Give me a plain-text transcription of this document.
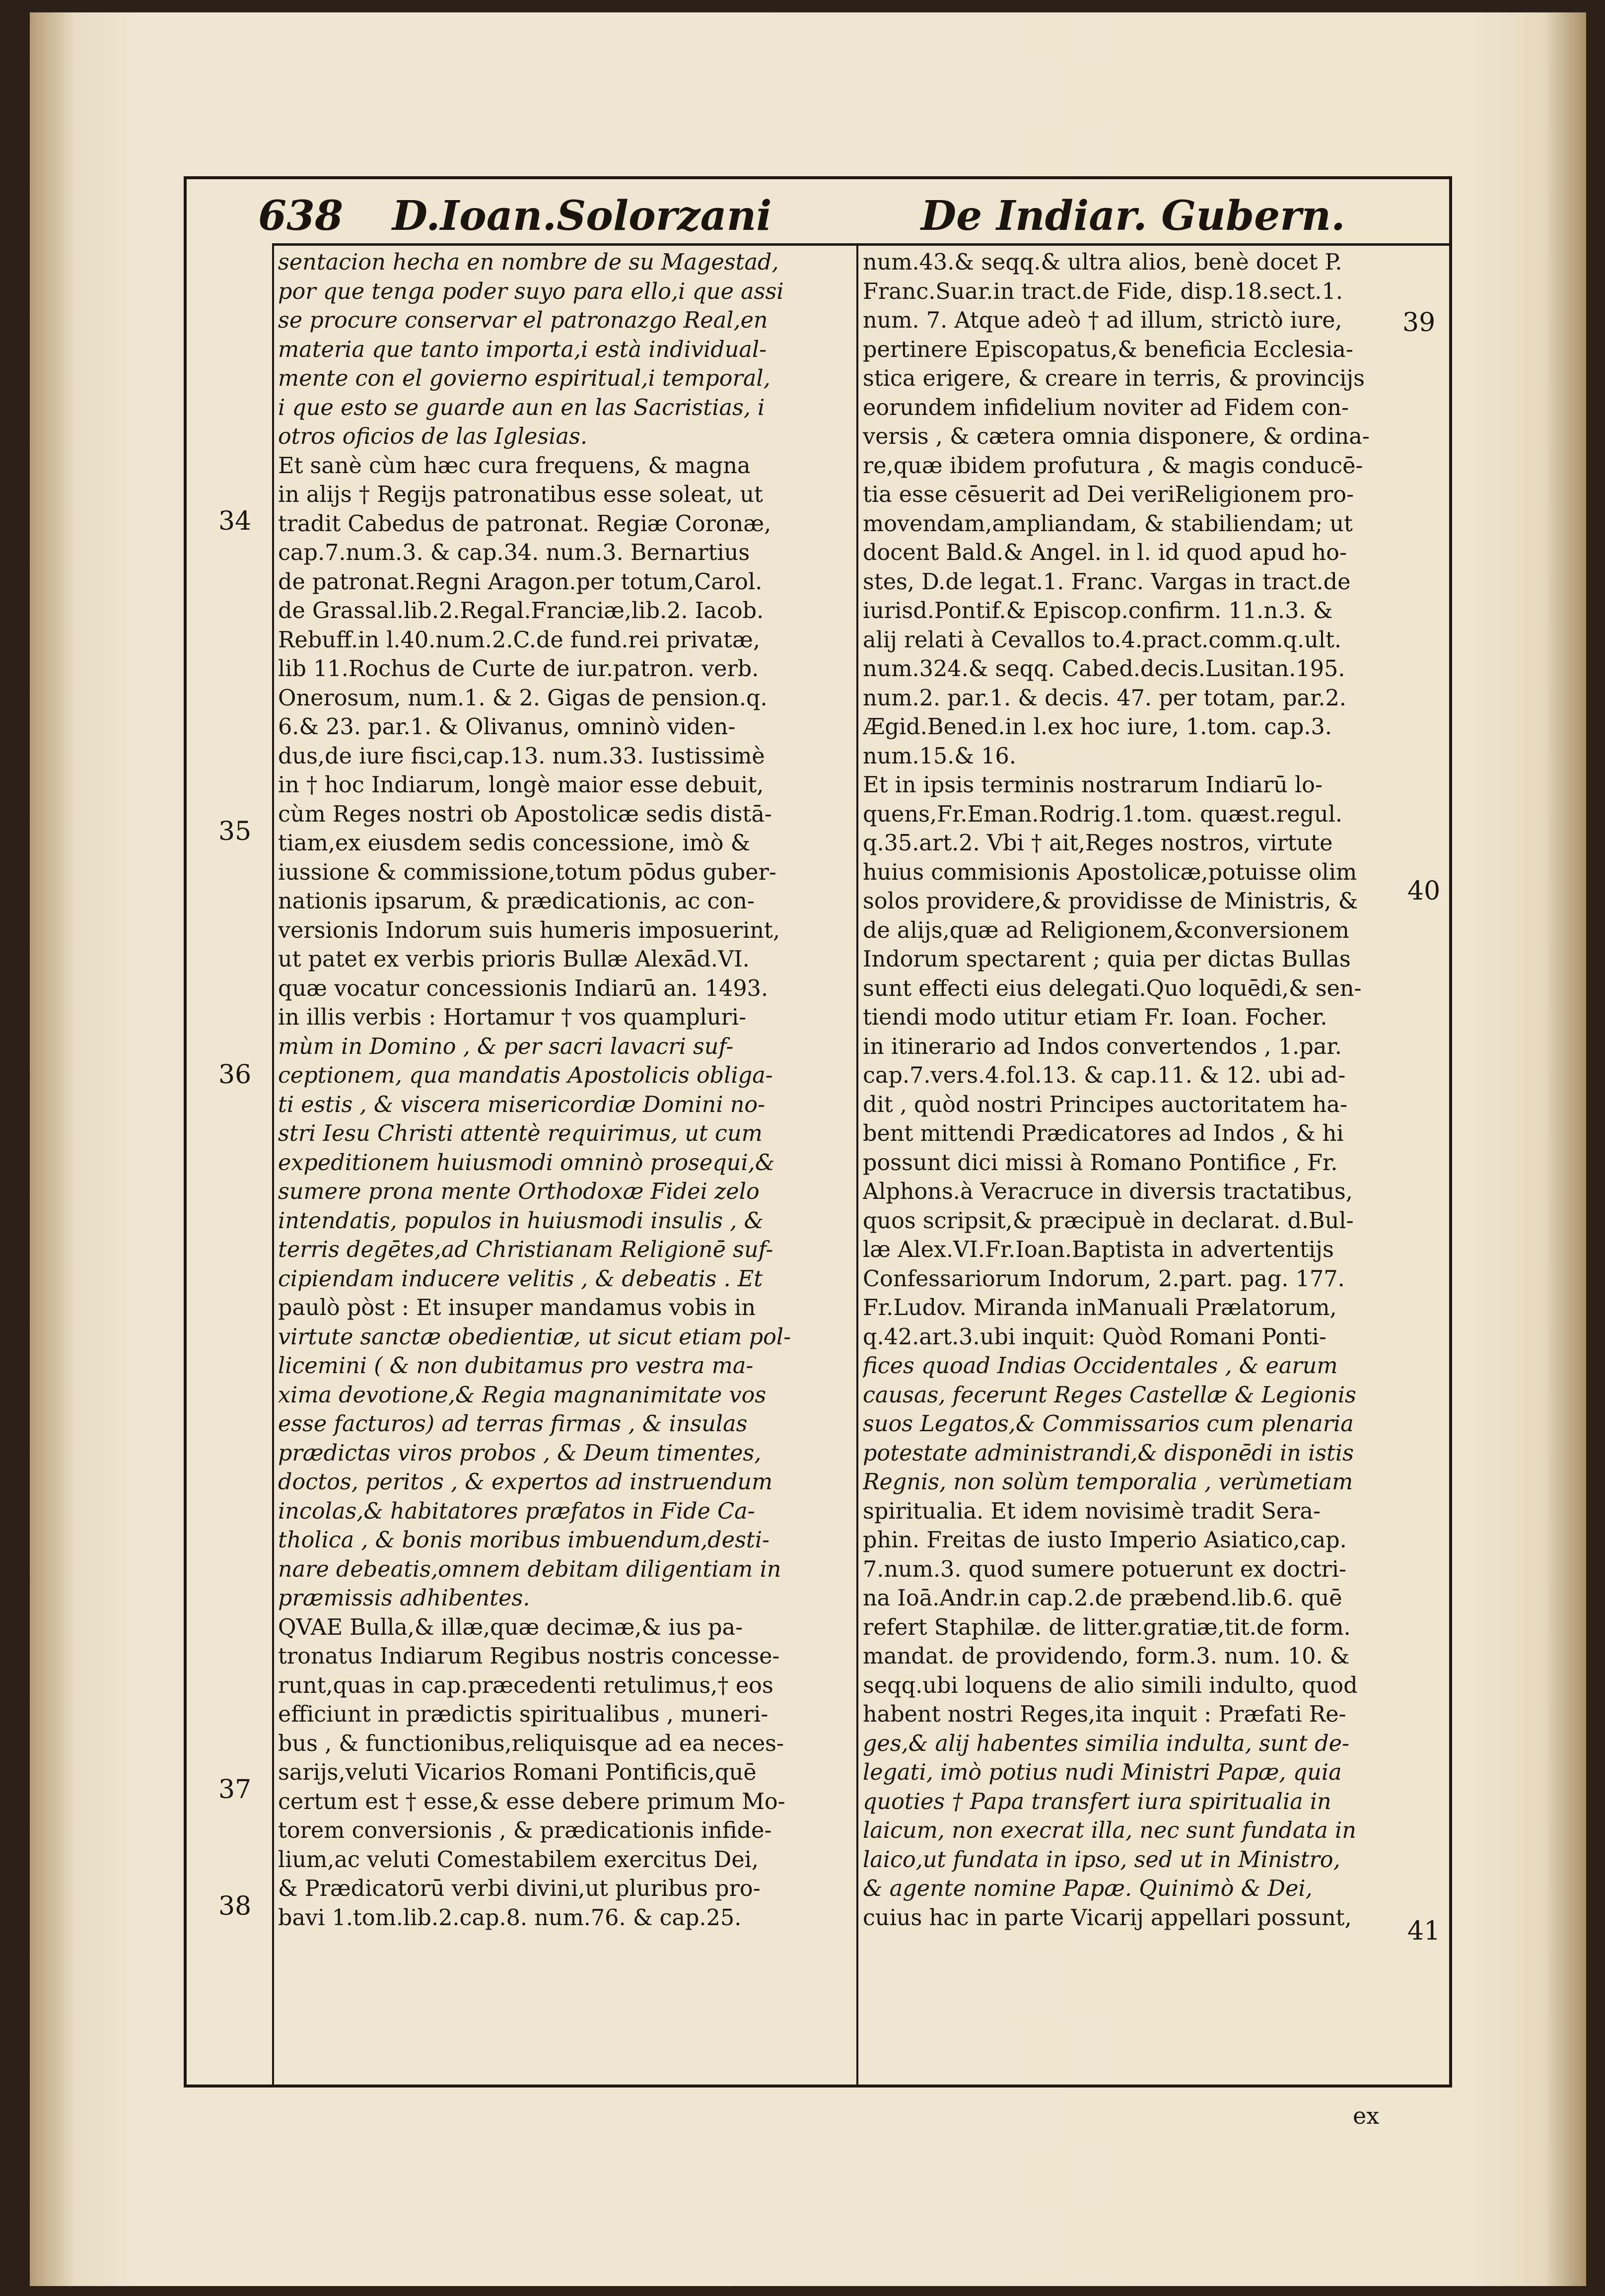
638 D.Ioan.Solorzani	De Indiar. Gubern.
sentacion hecha en nombre de su Magestad,
por que tenga poder suyo para ello,i que assi
se procure conservar el patronazgo Real,en
materia que tanto importa,i està individual-
mente con el govierno espiritual,i temporal,
i que esto se guarde aun en las Sacristias, i
otros oficios de las Iglesias.
Et sanè cùm hæc cura frequens, & magna
in alijs † Regijs patronatibus esse soleat, ut
tradit Cabedus de patronat. Regiæ Coronæ,
cap.7.num.3. & cap.34. num.3. Bernartius
de patronat.Regni Aragon.per totum,Carol.
de Grassal.lib.2.Regal.Franciæ,lib.2. Iacob.
Rebuff.in l.40.num.2.C.de fund.rei privatæ,
lib 11.Rochus de Curte de iur.patron. verb.
Onerosum, num.1. & 2. Gigas de pension.q.
6.& 23. par.1. & Olivanus, omninò viden-
dus,de iure fisci,cap.13. num.33. Iustissimè
in † hoc Indiarum, longè maior esse debuit,
cùm Reges nostri ob Apostolicæ sedis distā-
tiam,ex eiusdem sedis concessione, imò &
iussione & commissione,totum pōdus guber-
nationis ipsarum, & prædicationis, ac con-
versionis Indorum suis humeris imposuerint,
ut patet ex verbis prioris Bullæ Alexād.VI.
quæ vocatur concessionis Indiarū an. 1493.
in illis verbis : Hortamur † vos quampluri-
mùm in Domino , & per sacri lavacri suf-
ceptionem, qua mandatis Apostolicis obliga-
ti estis , & viscera misericordiæ Domini no-
stri Iesu Christi attentè requirimus, ut cum
expeditionem huiusmodi omninò prosequi,&
sumere prona mente Orthodoxæ Fidei zelo
intendatis, populos in huiusmodi insulis , &
terris degētes,ad Christianam Religionē suf-
cipiendam inducere velitis , & debeatis . Et
paulò pòst : Et insuper mandamus vobis in
virtute sanctæ obedientiæ, ut sicut etiam pol-
licemini ( & non dubitamus pro vestra ma-
xima devotione,& Regia magnanimitate vos
esse facturos) ad terras firmas , & insulas
prædictas viros probos , & Deum timentes,
doctos, peritos , & expertos ad instruendum
incolas,& habitatores præfatos in Fide Ca-
tholica , & bonis moribus imbuendum,desti-
nare debeatis,omnem debitam diligentiam in
præmissis adhibentes.
QVAE Bulla,& illæ,quæ decimæ,& ius pa-
tronatus Indiarum Regibus nostris concesse-
runt,quas in cap.præcedenti retulimus,† eos
efficiunt in prædictis spiritualibus , muneri-
bus , & functionibus,reliquisque ad ea neces-
sarijs,veluti Vicarios Romani Pontificis,quē
certum est † esse,& esse debere primum Mo-
torem conversionis , & prædicationis infide-
lium,ac veluti Comestabilem exercitus Dei,
& Prædicatorū verbi divini,ut pluribus pro-
bavi 1.tom.lib.2.cap.8. num.76. & cap.25.
num.43.& seqq.& ultra alios, benè docet P.
Franc.Suar.in tract.de Fide, disp.18.sect.1.
num. 7. Atque adeò † ad illum, strictò iure,
pertinere Episcopatus,& beneficia Ecclesia-
stica erigere, & creare in terris, & provincijs
eorundem infidelium noviter ad Fidem con-
versis , & cætera omnia disponere, & ordina-
re,quæ ibidem profutura , & magis conducē-
tia esse cēsuerit ad Dei veriReligionem pro-
movendam,ampliandam, & stabiliendam; ut
docent Bald.& Angel. in l. id quod apud ho-
stes, D.de legat.1. Franc. Vargas in tract.de
iurisd.Pontif.& Episcop.confirm. 11.n.3. &
alij relati à Cevallos to.4.pract.comm.q.ult.
num.324.& seqq. Cabed.decis.Lusitan.195.
num.2. par.1. & decis. 47. per totam, par.2.
Ægid.Bened.in l.ex hoc iure, 1.tom. cap.3.
num.15.& 16.
Et in ipsis terminis nostrarum Indiarū lo-
quens,Fr.Eman.Rodrig.1.tom. quæst.regul.
q.35.art.2. Vbi † ait,Reges nostros, virtute
huius commisionis Apostolicæ,potuisse olim
solos providere,& providisse de Ministris, &
de alijs,quæ ad Religionem,&conversionem
Indorum spectarent ; quia per dictas Bullas
sunt effecti eius delegati.Quo loquēdi,& sen-
tiendi modo utitur etiam Fr. Ioan. Focher.
in itinerario ad Indos convertendos , 1.par.
cap.7.vers.4.fol.13. & cap.11. & 12. ubi ad-
dit , quòd nostri Principes auctoritatem ha-
bent mittendi Prædicatores ad Indos , & hi
possunt dici missi à Romano Pontifice , Fr.
Alphons.à Veracruce in diversis tractatibus,
quos scripsit,& præcipuè in declarat. d.Bul-
læ Alex.VI.Fr.Ioan.Baptista in advertentijs
Confessariorum Indorum, 2.part. pag. 177.
Fr.Ludov. Miranda inManuali Prælatorum,
q.42.art.3.ubi inquit: Quòd Romani Ponti-
fices quoad Indias Occidentales , & earum
causas, fecerunt Reges Castellæ & Legionis
suos Legatos,& Commissarios cum plenaria
potestate administrandi,& disponēdi in istis
Regnis, non solùm temporalia , verùmetiam
spiritualia. Et idem novisimè tradit Sera-
phin. Freitas de iusto Imperio Asiatico,cap.
7.num.3. quod sumere potuerunt ex doctri-
na Ioā.Andr.in cap.2.de præbend.lib.6. quē
refert Staphilæ. de litter.gratiæ,tit.de form.
mandat. de providendo, form.3. num. 10. &
seqq.ubi loquens de alio simili indulto, quod
habent nostri Reges,ita inquit : Præfati Re-
ges,& alij habentes similia indulta, sunt de-
legati, imò potius nudi Ministri Papæ, quia
quoties † Papa transfert iura spiritualia in
laicum, non execrat illa, nec sunt fundata in
laico,ut fundata in ipso, sed ut in Ministro,
& agente nomine Papæ. Quinimò & Dei,
cuius hac in parte Vicarij appellari possunt,
34
35
36
37
38
39
40
41
ex
